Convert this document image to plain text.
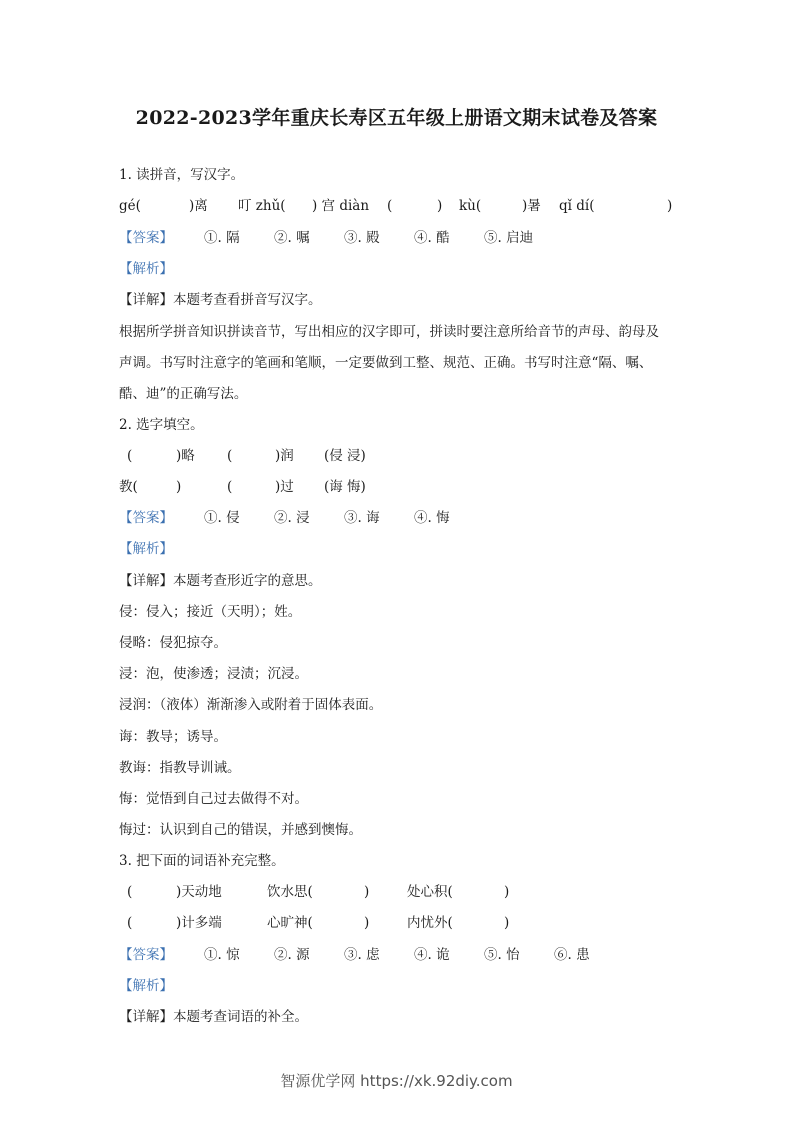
2022-2023学年重庆长寿区五年级上册语文期末试卷及答案
1. 读拼音，写汉字。
gé(	)离 叮 zhǔ( ) 宫 diàn (	) kù(	)暑 qǐ dí(	)
【答案】 ①. 隔	②. 嘱	③. 殿	④. 酷	⑤. 启迪
【解析】
【详解】本题考查看拼音写汉字。
根据所学拼音知识拼读音节，写出相应的汉字即可，拼读时要注意所给音节的声母、韵母及
声调。书写时注意字的笔画和笔顺，一定要做到工整、规范、正确。书写时注意“隔、嘱、
酷、迪”的正确写法。
2. 选字填空。
(	)略 (	)润 (侵 浸)
教(	)	(	)过 (诲 悔)
【答案】 ①. 侵	②. 浸	③. 诲	④. 悔
【解析】
【详解】本题考查形近字的意思。
侵：侵入；接近（天明）；姓。
侵略：侵犯掠夺。
浸：泡，使渗透；浸渍；沉浸。
浸润：（液体）渐渐渗入或附着于固体表面。
诲：教导；诱导。
教诲：指教导训诫。
悔：觉悟到自己过去做得不对。
悔过：认识到自己的错误，并感到懊悔。
3. 把下面的词语补充完整。
(	)天动地	饮水思(	)	处心积(	)
(	)计多端	心旷神(	)	内忧外(	)
【答案】 ①. 惊	②. 源	③. 虑	④. 诡	⑤. 怡	⑥. 患
【解析】
【详解】本题考查词语的补全。
智源优学网 https://xk.92diy.com
